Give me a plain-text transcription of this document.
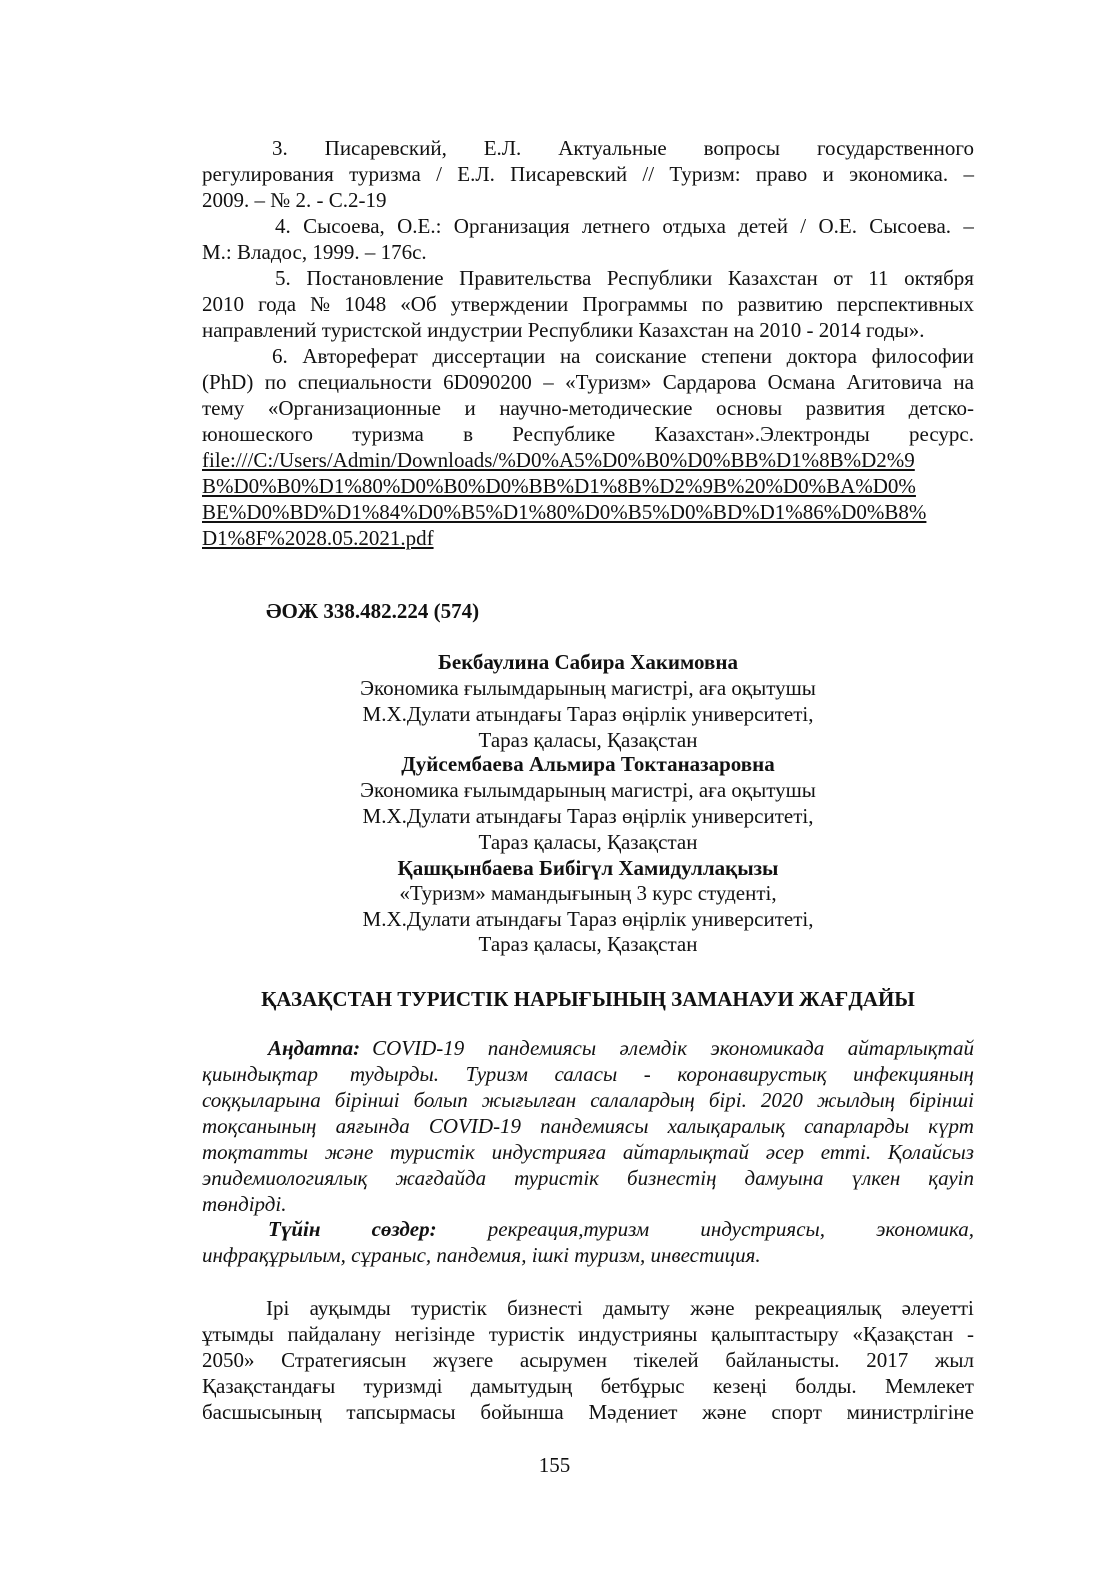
3. Писаревский, Е.Л. Актуальные вопросы государственного
регулирования туризма / Е.Л. Писаревский // Туризм: право и экономика. –
2009. – № 2. - С.2-19
4. Сысоева, О.Е.: Организация летнего отдыха детей / О.Е. Сысоева. –
М.: Владос, 1999. – 176с.
5. Постановление Правительства Республики Казахстан от 11 октября
2010 года № 1048 «Об утверждении Программы по развитию перспективных
направлений туристской индустрии Республики Казахстан на 2010 - 2014 годы».
6. Автореферат диссертации на соискание степени доктора философии
(PhD) по специальности 6D090200 – «Туризм» Сардарова Османа Агитовича на
тему «Организационные и научно-методические основы развития детско-
юношеского туризма в Республике Казахстан».Электронды ресурс.
file:///C:/Users/Admin/Downloads/%D0%A5%D0%B0%D0%BB%D1%8B%D2%9
B%D0%B0%D1%80%D0%B0%D0%BB%D1%8B%D2%9B%20%D0%BA%D0%
BE%D0%BD%D1%84%D0%B5%D1%80%D0%B5%D0%BD%D1%86%D0%B8%
D1%8F%2028.05.2021.pdf
ӘОЖ 338.482.224 (574)
Бекбаулина Сабира Хакимовна
Экономика ғылымдарының магистрі, аға оқытушы
М.Х.Дулати атындағы Тараз өңірлік университеті,
Тараз қаласы, Қазақстан
Дуйсембаева Альмира Токтаназаровна
Экономика ғылымдарының магистрі, аға оқытушы
М.Х.Дулати атындағы Тараз өңірлік университеті,
Тараз қаласы, Қазақстан
Қашқынбаева Бибігүл Хамидуллақызы
«Туризм» мамандығының 3 курс студенті,
М.Х.Дулати атындағы Тараз өңірлік университеті,
Тараз қаласы, Қазақстан
ҚАЗАҚСТАН ТУРИСТІК НАРЫҒЫНЫҢ ЗАМАНАУИ ЖАҒДАЙЫ
Аңдатпа: COVID-19 пандемиясы әлемдік экономикада айтарлықтай
қиындықтар тудырды. Туризм саласы - коронавирустық инфекцияның
соққыларына бірінші болып жығылған салалардың бірі. 2020 жылдың бірінші
тоқсанының аяғында COVID-19 пандемиясы халықаралық сапарларды күрт
тоқтатты және туристік индустрияға айтарлықтай әсер етті. Қолайсыз
эпидемиологиялық жағдайда туристік бизнестің дамуына үлкен қауіп
төндірді.
Түйін сөздер: рекреация,туризм индустриясы, экономика,
инфрақұрылым, сұраныс, пандемия, ішкі туризм, инвестиция.
Ірі ауқымды туристік бизнесті дамыту және рекреациялық әлеуетті
ұтымды пайдалану негізінде туристік индустрияны қалыптастыру «Қазақстан -
2050» Стратегиясын жүзеге асырумен тікелей байланысты. 2017 жыл
Қазақстандағы туризмді дамытудың бетбұрыс кезеңі болды. Мемлекет
басшысының тапсырмасы бойынша Мәдениет және спорт министрлігіне
155
